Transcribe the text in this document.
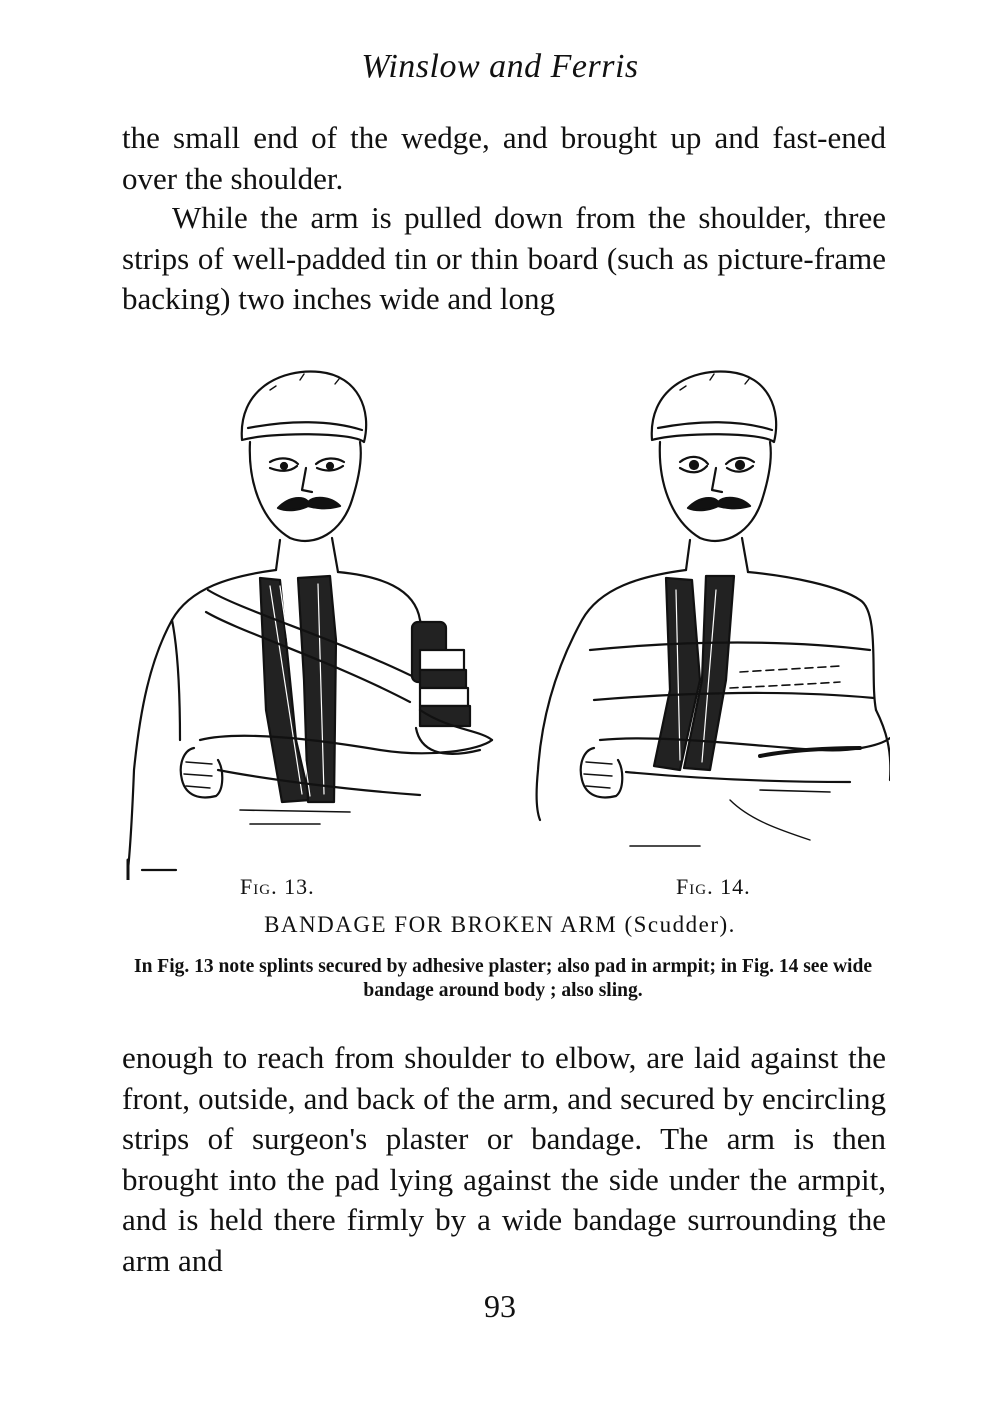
Winslow and Ferris

the small end of the wedge, and brought up and fast-ened over the shoulder.

While the arm is pulled down from the shoulder, three strips of well-padded tin or thin board (such as picture-frame backing) two inches wide and long

Fig. 13.	Fig. 14.
BANDAGE FOR BROKEN ARM (Scudder).
In Fig. 13 note splints secured by adhesive plaster; also pad in armpit; in Fig. 14 see wide bandage around body ; also sling.

enough to reach from shoulder to elbow, are laid against the front, outside, and back of the arm, and secured by encircling strips of surgeon's plaster or bandage. The arm is then brought into the pad lying against the side under the armpit, and is held there firmly by a wide bandage surrounding the arm and

93
